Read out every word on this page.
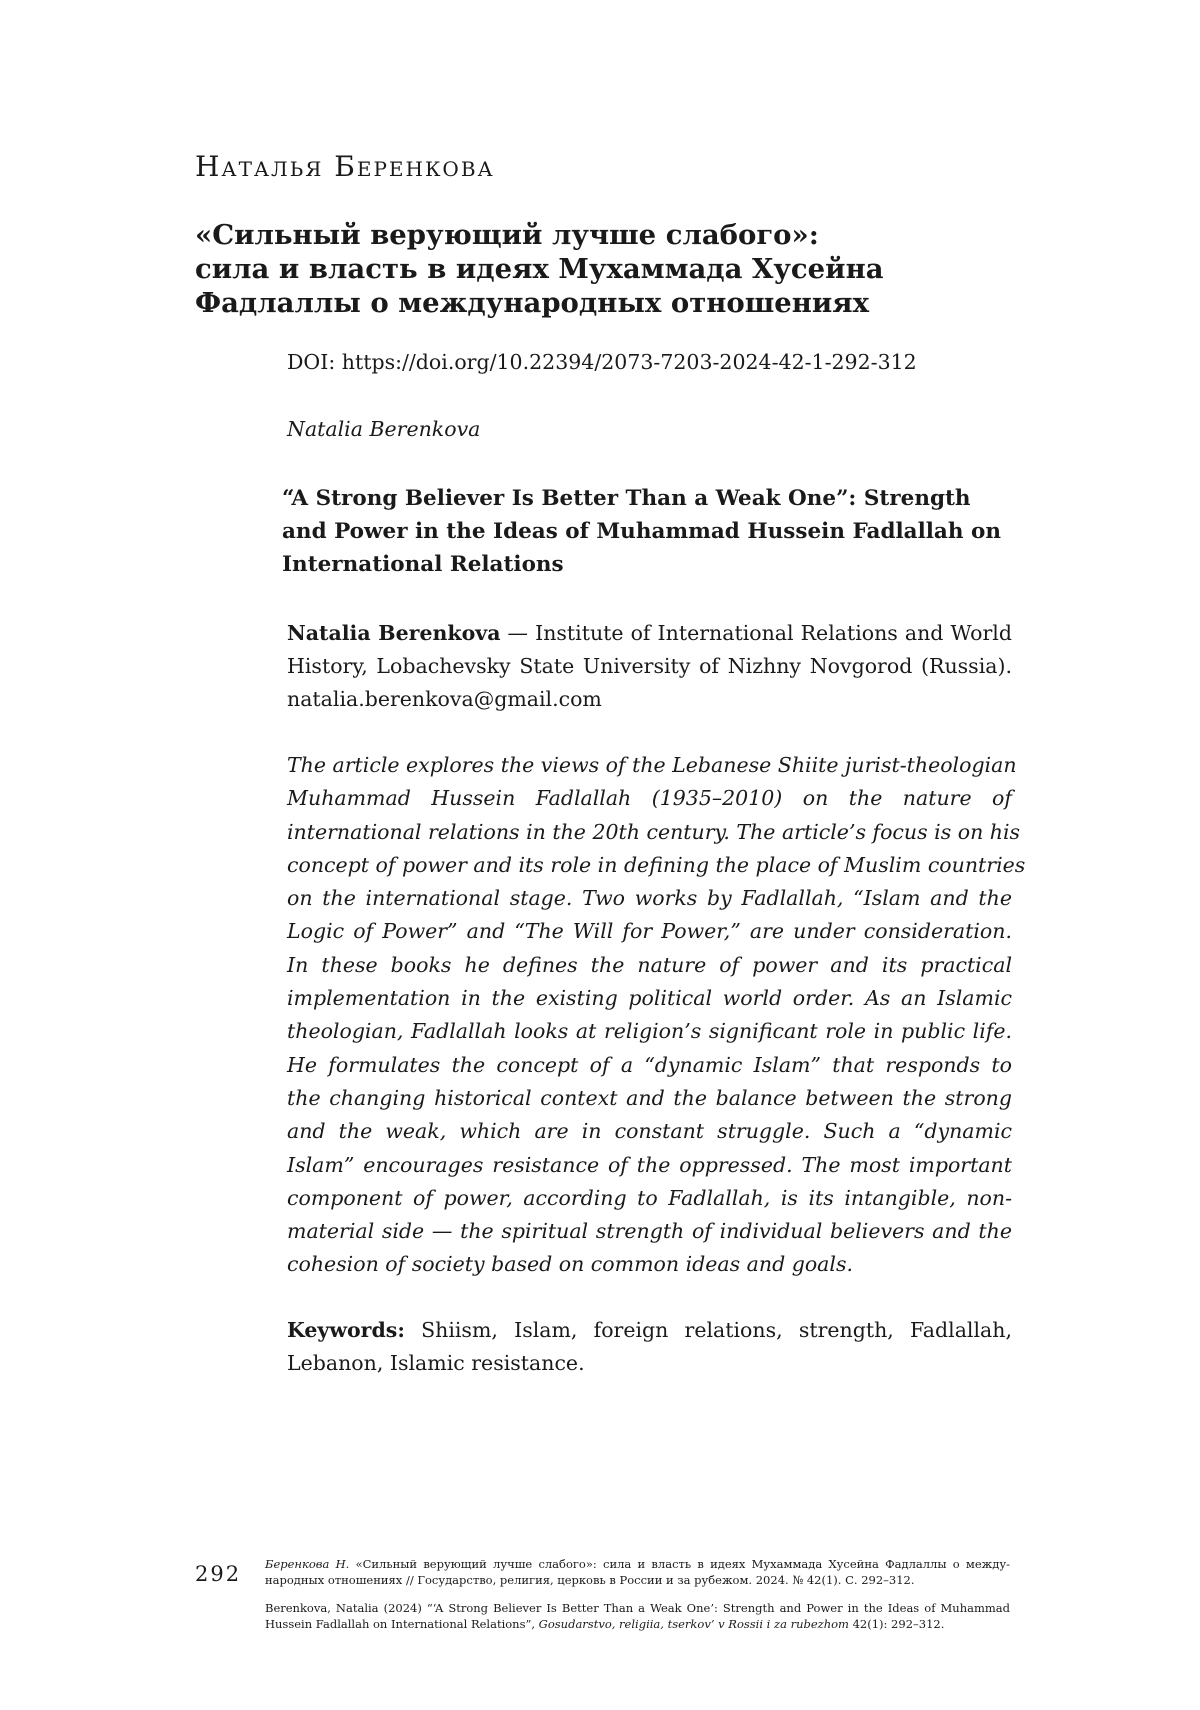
Наталья Беренкова
«Сильный верующий лучше слабого»:
сила и власть в идеях Мухаммада Хусейна
Фадлаллы о международных отношениях
DOI: https://doi.org/10.22394/2073-7203-2024-42-1-292-312
Natalia Berenkova
“A Strong Believer Is Better Than a Weak One”: Strength
and Power in the Ideas of Muhammad Hussein Fadlallah on
International Relations
Natalia Berenkova — Institute of International Relations and World
History, Lobachevsky State University of Nizhny Novgorod (Russia).
natalia.berenkova@gmail.com
The article explores the views of the Lebanese Shiite jurist-theologian
Muhammad Hussein Fadlallah (1935–2010) on the nature of
international relations in the 20th century. The article’s focus is on his
concept of power and its role in defining the place of Muslim countries
on the international stage. Two works by Fadlallah, “Islam and the
Logic of Power” and “The Will for Power,” are under consideration.
In these books he defines the nature of power and its practical
implementation in the existing political world order. As an Islamic
theologian, Fadlallah looks at religion’s significant role in public life.
He formulates the concept of a “dynamic Islam” that responds to
the changing historical context and the balance between the strong
and the weak, which are in constant struggle. Such a “dynamic
Islam” encourages resistance of the oppressed. The most important
component of power, according to Fadlallah, is its intangible, non-
material side — the spiritual strength of individual believers and the
cohesion of society based on common ideas and goals.
Keywords: Shiism, Islam, foreign relations, strength, Fadlallah,
Lebanon, Islamic resistance.
292 Беренкова Н. «Сильный верующий лучше слабого»: сила и власть в идеях Мухаммада Хусейна Фадлаллы о между-
народных отношениях // Государство, религия, церковь в России и за рубежом. 2024. № 42(1). С. 292–312.
Berenkova, Natalia (2024) “‘A Strong Believer Is Better Than a Weak One’: Strength and Power in the Ideas of Muhammad
Hussein Fadlallah on International Relations”, Gosudarstvo, religiia, tserkov’ v Rossii i za rubezhom 42(1): 292–312.
